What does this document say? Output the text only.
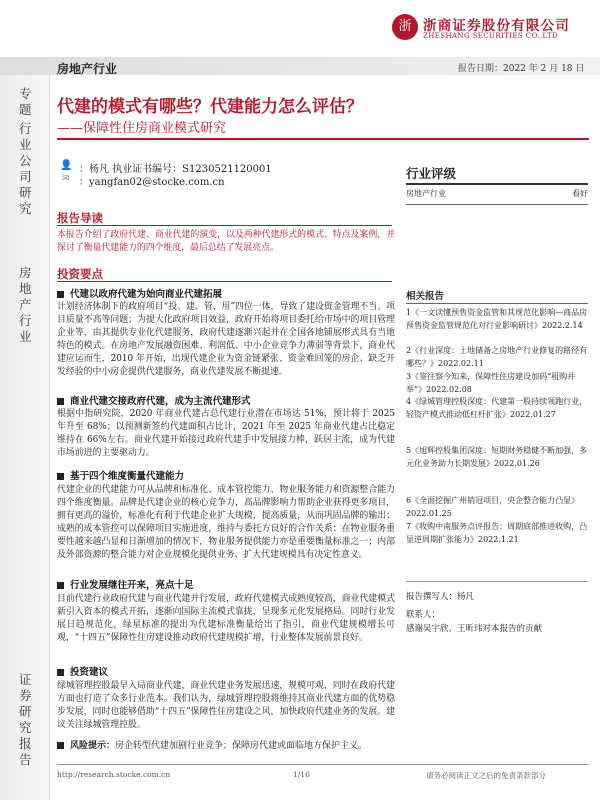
浙 浙商证券股份有限公司
ZHESHANG SECURITIES CO.,LTD
房地产行业	报告日期：2022 年 2 月 18 日
专题
行业公司研究
房地产行业
证券研究报告
代建的模式有哪些？代建能力怎么评估？
——保障性住房商业模式研究
👤 ：杨凡 执业证书编号：S1230521120001
✉ ：yangfan02@stocke.com.cn
报告导读
本报告介绍了政府代建、商业代建的演变，以及两种代建形式的模式、特点及案例，并探讨了衡量代建能力的四个维度，最后总结了发展亮点。
投资要点
代建以政府代建为始向商业代建拓展
计划经济体制下的政府项目“投、建、管、用”四位一体，导致了建设资金管理不当、项目质量不高等问题；为提大化政府项目效益，政府开始将项目委托给市场中的项目管理企业等，由其提供专业化代建服务，政府代建逐渐兴起并在全国各地铺展形式具有当地特色的模式。在房地产发展融资困难、利润低、中小企业竞争力薄弱等背景下，商业代建应运而生，2010 年开始，出现代建企业为资金链紧张、资金难回笼的房企、缺乏开发经验的中小房企提供代建服务，商业代建发展不断提速。
商业代建交接政府代建，成为主流代建形式
根据中指研究院，2020 年商业代建占总代建行业潜在市场达 51%，预计将于 2025 年升至 68%；以预测新签约代建面积占比计，2021 年至 2025 年商业代建占比稳定维持在 66%左右。商业代建开始接过政府代建手中发展接力棒，跃居主流，成为代建市场前进的主要驱动力。
基于四个维度衡量代建能力
代建企业的代建能力可从品牌和标准化、成本管控能力、物业服务能力和资源整合能力四个维度衡量。品牌是代建企业的核心竞争力，高品牌影响力帮助企业获得更多项目，拥有更高的溢价，标准化有利于代建企业扩大规模，提高质量，从而巩固品牌的输出；成熟的成本管控可以保障项目实施进度，维持与委托方良好的合作关系；在物业服务重要性越来越凸显和日渐增加的情况下，物业服务提供能力亦是重要衡量标准之一；内部及外部资源的整合能力对企业规模化提供业务、扩大代建规模具有决定性意义。
行业发展继往开来，亮点十足
目前代建行业政府代建与商业代建并行发展，政府代建模式成熟度较高，商业代建模式新引入资本的模式开拓，逐渐向国际主流模式靠拢，呈现多元化发展格局。同时行业发展日趋规范化，绿星标准的提出为代建标准衡量给出了指引，商业代建规模增长可观，“十四五”保障性住房建设推动政府代建规模扩增，行业整体发展前景良好。
投资建议
绿城管理控股最早入局商业代建，商业代建业务发展迅速，规模可观，同时在政府代建方面也打造了众多行业范本。我们认为，绿城管理控股将维持其商业代建方面的优势稳步发展，同时也能够借助“十四五”保障性住房建设之风，加快政府代建业务的发展。建议关注绿城管理控股。
风险提示：房企转型代建加剧行业竞争；保障房代建或面临地方保护主义。
行业评级
房地产行业	看好
相关报告
1《一文读懂预售资金监管和其规范化影响—商品房预售资金监管规范化对行业影响研讨》2022.2.14
2《行业深度：土地储备之房地产行业修复的路径有哪些？》2022.02.11
3《鉴往察今知来，保障性住房建设加码“租购并举”》2022.02.08
4《绿城管理控股深度：代建第一股持续领跑行业，轻资产模式推动低杠杆扩张》2022.01.27
5《旭辉控股集团深度：短期财务稳健不断加强，多元化业务助力长期发展》2022.01.26
6《全面挖掘广州销冠项目，央企整合能力凸显》2022.01.25
7《收购中南服务点评报告：周期底部推进收购，凸显逆周期扩张能力》2022.1.21
报告撰写人：杨凡
联系人：
感谢吴宇欣、王昕玮对本报告的贡献
http://research.stocke.com.cn	1/16	请务必阅读正文之后的免责条款部分
